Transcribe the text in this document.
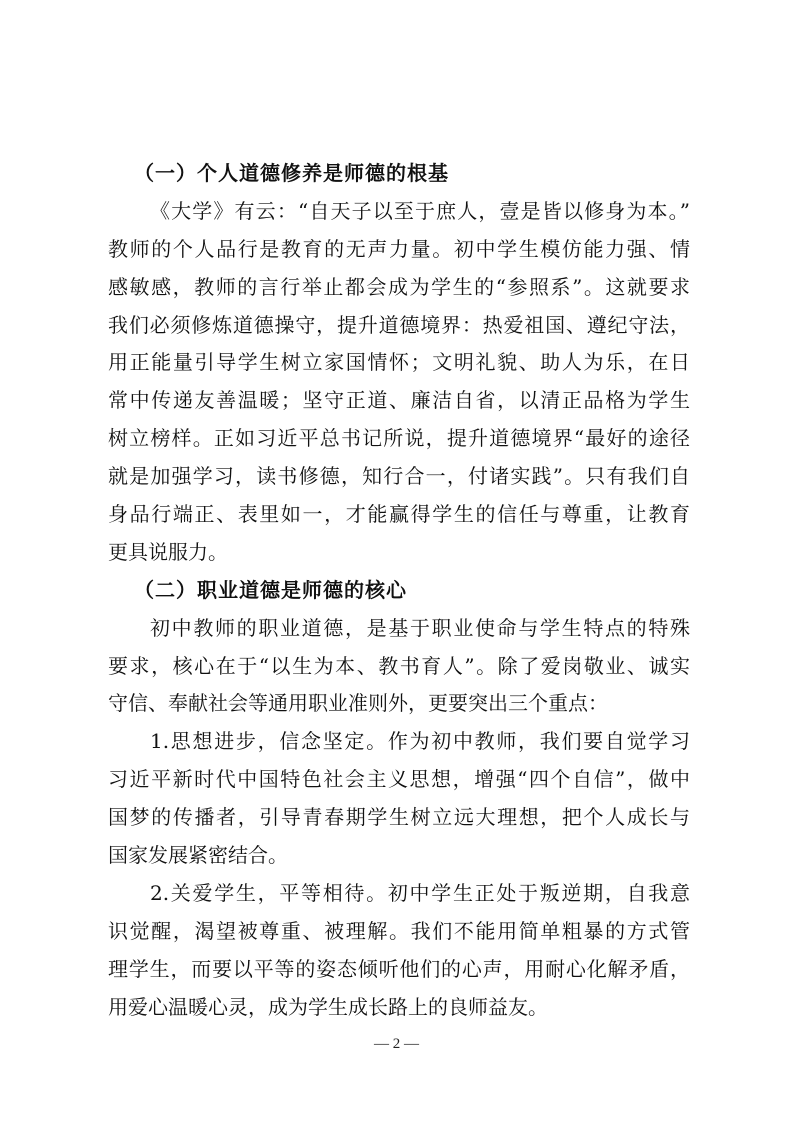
（一）个人道德修养是师德的根基
《大学》有云：“自天子以至于庶人，壹是皆以修身为本。”
教师的个人品行是教育的无声力量。初中学生模仿能力强、情
感敏感，教师的言行举止都会成为学生的“参照系”。这就要求
我们必须修炼道德操守，提升道德境界：热爱祖国、遵纪守法，
用正能量引导学生树立家国情怀；文明礼貌、助人为乐，在日
常中传递友善温暖；坚守正道、廉洁自省，以清正品格为学生
树立榜样。正如习近平总书记所说，提升道德境界“最好的途径
就是加强学习，读书修德，知行合一，付诸实践”。只有我们自
身品行端正、表里如一，才能赢得学生的信任与尊重，让教育
更具说服力。
（二）职业道德是师德的核心
初中教师的职业道德，是基于职业使命与学生特点的特殊
要求，核心在于“以生为本、教书育人”。除了爱岗敬业、诚实
守信、奉献社会等通用职业准则外，更要突出三个重点：
1.思想进步，信念坚定。作为初中教师，我们要自觉学习
习近平新时代中国特色社会主义思想，增强“四个自信”，做中
国梦的传播者，引导青春期学生树立远大理想，把个人成长与
国家发展紧密结合。
2.关爱学生，平等相待。初中学生正处于叛逆期，自我意
识觉醒，渴望被尊重、被理解。我们不能用简单粗暴的方式管
理学生，而要以平等的姿态倾听他们的心声，用耐心化解矛盾，
用爱心温暖心灵，成为学生成长路上的良师益友。
— 2 —
